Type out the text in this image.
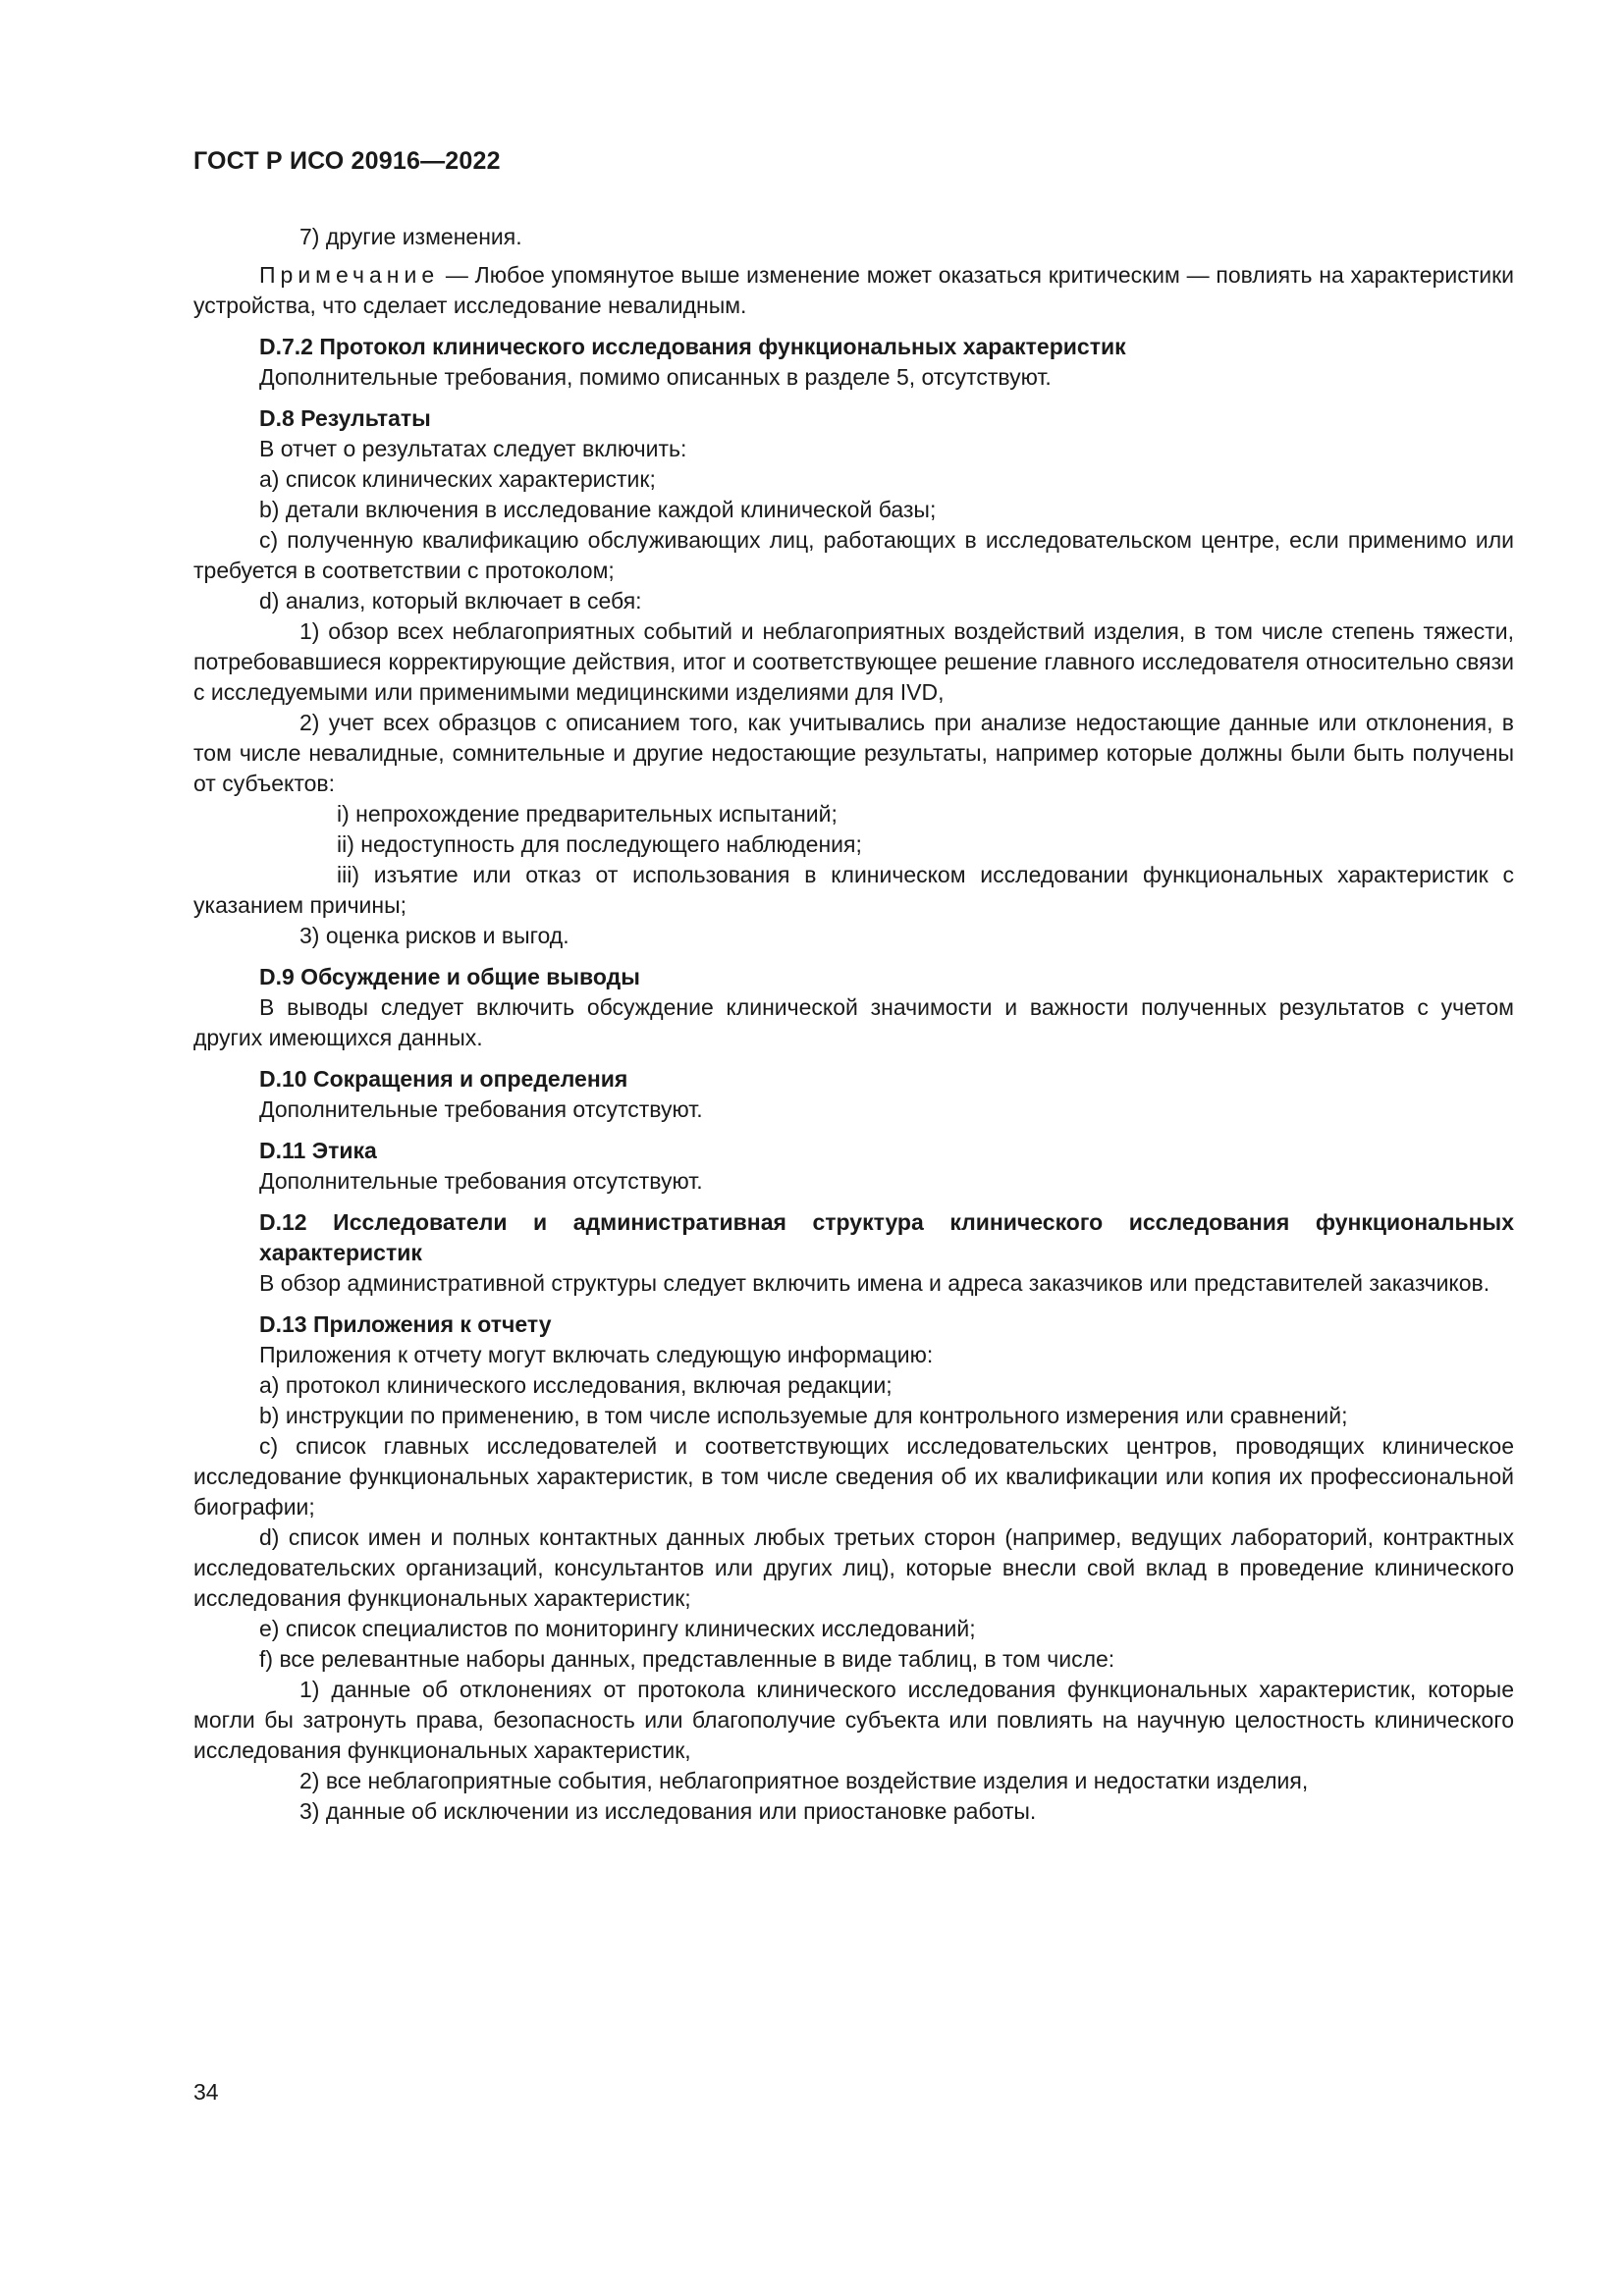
ГОСТ Р ИСО 20916—2022

7) другие изменения.

Примечание — Любое упомянутое выше изменение может оказаться критическим — повлиять на характеристики устройства, что сделает исследование невалидным.

D.7.2 Протокол клинического исследования функциональных характеристик

Дополнительные требования, помимо описанных в разделе 5, отсутствуют.

D.8 Результаты

В отчет о результатах следует включить:

a) список клинических характеристик;

b) детали включения в исследование каждой клинической базы;

c) полученную квалификацию обслуживающих лиц, работающих в исследовательском центре, если применимо или требуется в соответствии с протоколом;

d) анализ, который включает в себя:

1) обзор всех неблагоприятных событий и неблагоприятных воздействий изделия, в том числе степень тяжести, потребовавшиеся корректирующие действия, итог и соответствующее решение главного исследователя относительно связи с исследуемыми или применимыми медицинскими изделиями для IVD,

2) учет всех образцов с описанием того, как учитывались при анализе недостающие данные или отклонения, в том числе невалидные, сомнительные и другие недостающие результаты, например которые должны были быть получены от субъектов:

i) непрохождение предварительных испытаний;

ii) недоступность для последующего наблюдения;

iii) изъятие или отказ от использования в клиническом исследовании функциональных характеристик с указанием причины;

3) оценка рисков и выгод.

D.9 Обсуждение и общие выводы

В выводы следует включить обсуждение клинической значимости и важности полученных результатов с учетом других имеющихся данных.

D.10 Сокращения и определения

Дополнительные требования отсутствуют.

D.11 Этика

Дополнительные требования отсутствуют.

D.12 Исследователи и административная структура клинического исследования функциональных характеристик

В обзор административной структуры следует включить имена и адреса заказчиков или представителей заказчиков.

D.13 Приложения к отчету

Приложения к отчету могут включать следующую информацию:

a) протокол клинического исследования, включая редакции;

b) инструкции по применению, в том числе используемые для контрольного измерения или сравнений;

c) список главных исследователей и соответствующих исследовательских центров, проводящих клиническое исследование функциональных характеристик, в том числе сведения об их квалификации или копия их профессиональной биографии;

d) список имен и полных контактных данных любых третьих сторон (например, ведущих лабораторий, контрактных исследовательских организаций, консультантов или других лиц), которые внесли свой вклад в проведение клинического исследования функциональных характеристик;

e) список специалистов по мониторингу клинических исследований;

f) все релевантные наборы данных, представленные в виде таблиц, в том числе:

1) данные об отклонениях от протокола клинического исследования функциональных характеристик, которые могли бы затронуть права, безопасность или благополучие субъекта или повлиять на научную целостность клинического исследования функциональных характеристик,

2) все неблагоприятные события, неблагоприятное воздействие изделия и недостатки изделия,

3) данные об исключении из исследования или приостановке работы.

34
